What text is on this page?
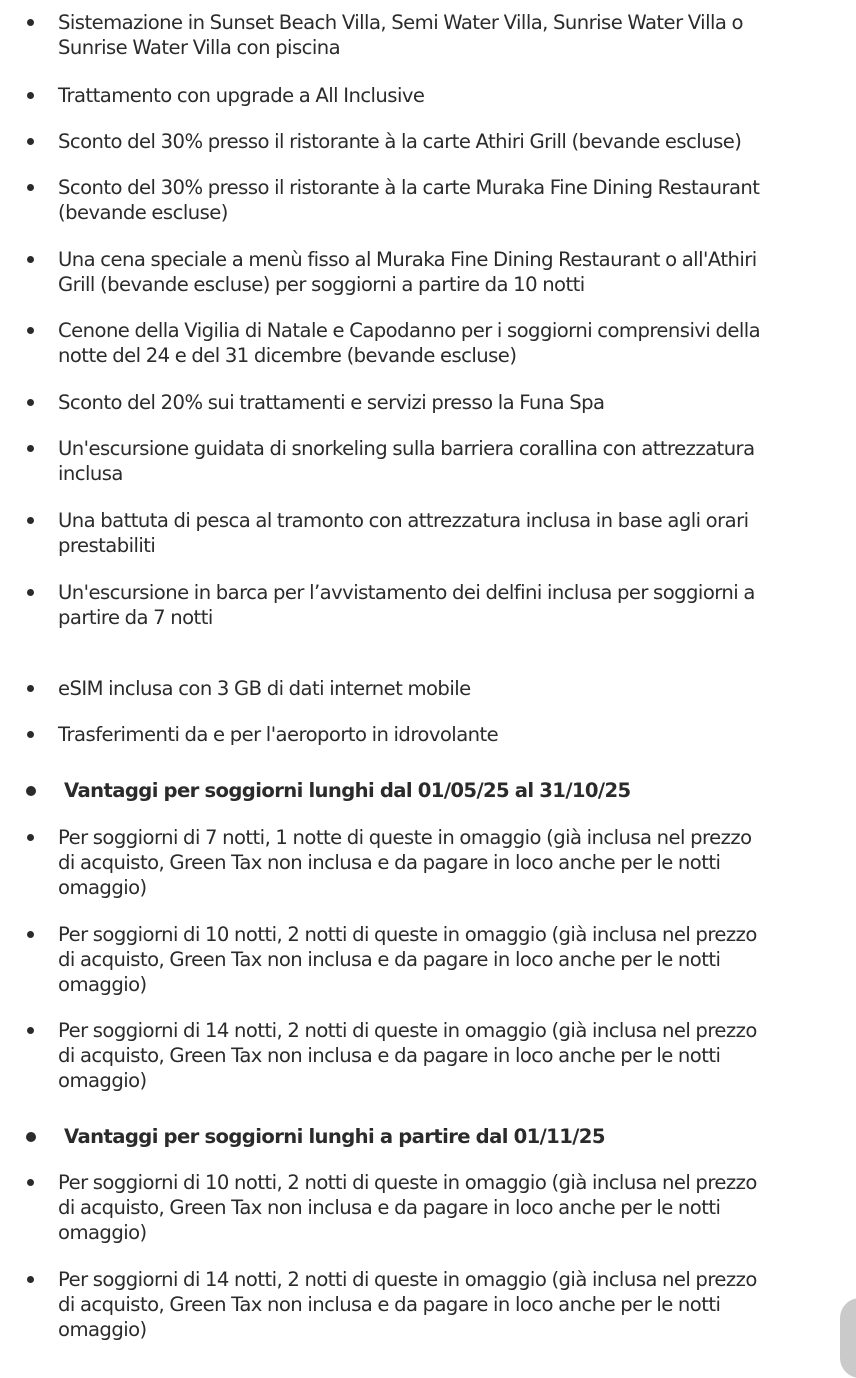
Sistemazione in Sunset Beach Villa, Semi Water Villa, Sunrise Water Villa o
Sunrise Water Villa con piscina

Trattamento con upgrade a All Inclusive

Sconto del 30% presso il ristorante à la carte Athiri Grill (bevande escluse)

Sconto del 30% presso il ristorante à la carte Muraka Fine Dining Restaurant
(bevande escluse)

Una cena speciale a menù fisso al Muraka Fine Dining Restaurant o all'Athiri
Grill (bevande escluse) per soggiorni a partire da 10 notti

Cenone della Vigilia di Natale e Capodanno per i soggiorni comprensivi della
notte del 24 e del 31 dicembre (bevande escluse)

Sconto del 20% sui trattamenti e servizi presso la Funa Spa

Un'escursione guidata di snorkeling sulla barriera corallina con attrezzatura
inclusa

Una battuta di pesca al tramonto con attrezzatura inclusa in base agli orari
prestabiliti

Un'escursione in barca per l’avvistamento dei delfini inclusa per soggiorni a
partire da 7 notti

eSIM inclusa con 3 GB di dati internet mobile

Trasferimenti da e per l'aeroporto in idrovolante

Vantaggi per soggiorni lunghi dal 01/05/25 al 31/10/25

Per soggiorni di 7 notti, 1 notte di queste in omaggio (già inclusa nel prezzo
di acquisto, Green Tax non inclusa e da pagare in loco anche per le notti
omaggio)

Per soggiorni di 10 notti, 2 notti di queste in omaggio (già inclusa nel prezzo
di acquisto, Green Tax non inclusa e da pagare in loco anche per le notti
omaggio)

Per soggiorni di 14 notti, 2 notti di queste in omaggio (già inclusa nel prezzo
di acquisto, Green Tax non inclusa e da pagare in loco anche per le notti
omaggio)

Vantaggi per soggiorni lunghi a partire dal 01/11/25

Per soggiorni di 10 notti, 2 notti di queste in omaggio (già inclusa nel prezzo
di acquisto, Green Tax non inclusa e da pagare in loco anche per le notti
omaggio)

Per soggiorni di 14 notti, 2 notti di queste in omaggio (già inclusa nel prezzo
di acquisto, Green Tax non inclusa e da pagare in loco anche per le notti
omaggio)
